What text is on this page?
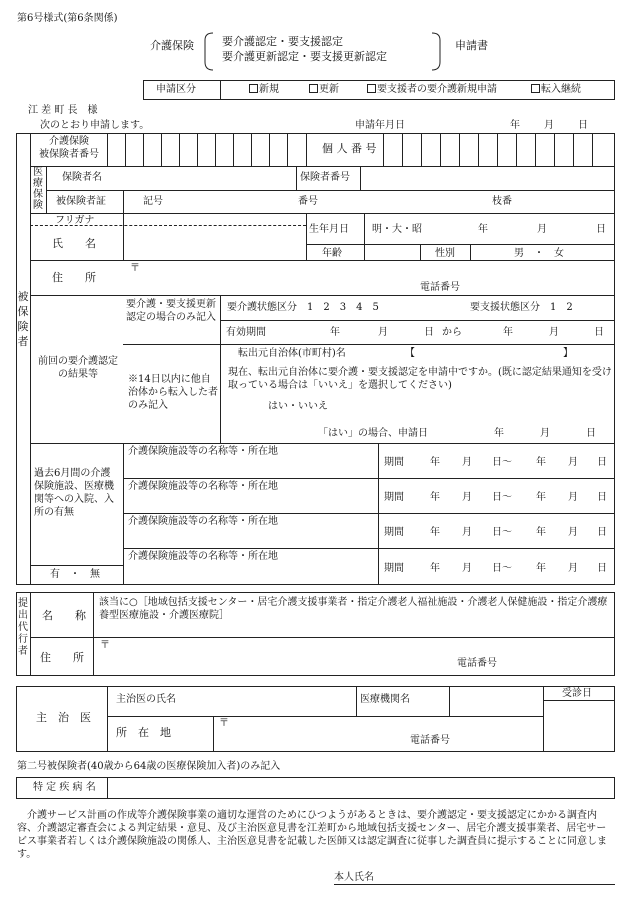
第6号様式(第6条関係)
介護保険	要介護認定・要支援認定
要介護更新認定・要支援更新認定
申請書
申請区分	新規	更新	要支援者の要介護新規申請	転入継続
江 差 町 長　様
次のとおり申請します。	申請年月日	年 月 日
被保険者
介護保険
被保険者番号	個 人 番 号
医療保険
保険者名	保険者番号
被保険者証	記号	番号	枝番
フリガナ
氏　　名
生年月日 明・大・昭	年	月	日
年齢	性別	男　・　女
住　　所
〒
電話番号
前回の要介護認定の結果等
要介護・要支援更新認定の場合のみ記入
要介護状態区分　1　2　3　4　5	要支援状態区分　1　2
有効期間	年	月	日 から	年	月	日
※14日以内に他自治体から転入した者のみ記入
転出元自治体(市町村)名	【	】
現在、転出元自治体に要介護・要支援認定を申請中ですか。(既に認定結果通知を受け取っている場合は「いいえ」を選択してください)
はい・いいえ
「はい」の場合、申請日	年	月	日
過去6月間の介護保険施設、医療機関等への入院、入所の有無
有　・　無
介護保険施設等の名称等・所在地
期間	年 月 日〜 年 月 日
介護保険施設等の名称等・所在地
期間	年 月 日〜 年 月 日
介護保険施設等の名称等・所在地
期間	年 月 日〜 年 月 日
介護保険施設等の名称等・所在地
期間	年 月 日〜 年 月 日
提出代行者
名　　称
該当に○［地域包括支援センター・居宅介護支援事業者・指定介護老人福祉施設・介護老人保健施設・指定介護療養型医療施設・介護医療院］
住　　所
〒
電話番号
主　治　医
主治医の氏名	医療機関名
受診日
所　在　地
〒
電話番号
第二号被保険者(40歳から64歳の医療保険加入者)のみ記入
特 定 疾 病 名
介護サービス計画の作成等介護保険事業の適切な運営のためにひつようがあるときは、要介護認定・要支援認定にかかる調査内容、介護認定審査会による判定結果・意見、及び主治医意見書を江差町から地域包括支援センター、居宅介護支援事業者、居宅サービス事業者若しくは介護保険施設の関係人、主治医意見書を記載した医師又は認定調査に従事した調査員に提示することに同意します。
本人氏名
